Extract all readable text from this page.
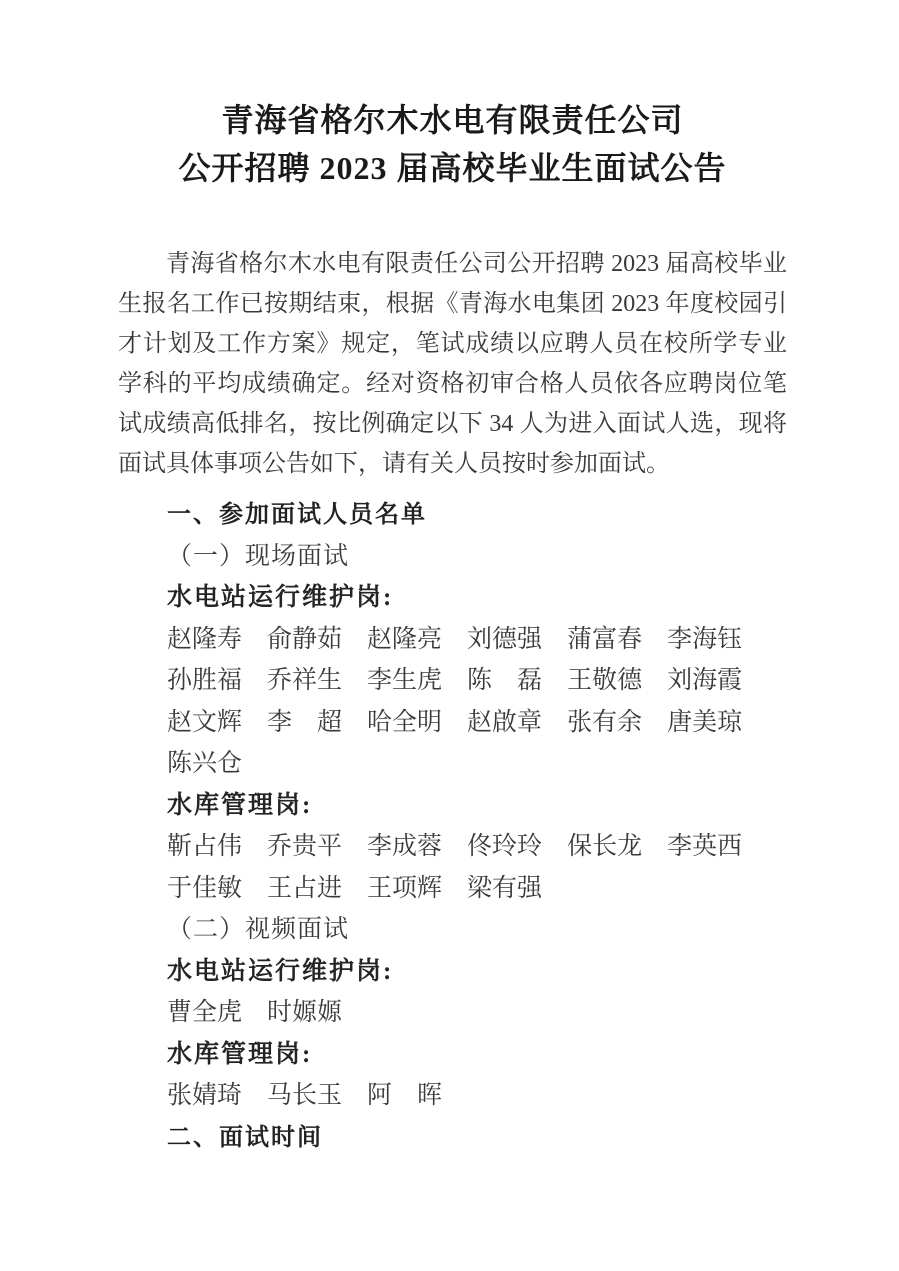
青海省格尔木水电有限责任公司
公开招聘 2023 届高校毕业生面试公告
青海省格尔木水电有限责任公司公开招聘 2023 届高校毕业
生报名工作已按期结束，根据《青海水电集团 2023 年度校园引
才计划及工作方案》规定，笔试成绩以应聘人员在校所学专业
学科的平均成绩确定。经对资格初审合格人员依各应聘岗位笔
试成绩高低排名，按比例确定以下 34 人为进入面试人选，现将
面试具体事项公告如下，请有关人员按时参加面试。
一、参加面试人员名单
（一）现场面试
水电站运行维护岗:
赵隆寿 俞静茹 赵隆亮 刘德强 蒲富春 李海钰
孙胜福 乔祥生 李生虎 陈　磊 王敬德 刘海霞
赵文辉 李　超 哈全明 赵啟章 张有余 唐美琼
陈兴仓
水库管理岗:
靳占伟 乔贵平 李成蓉 佟玲玲 保长龙 李英西
于佳敏 王占进 王项辉 梁有强
（二）视频面试
水电站运行维护岗:
曹全虎 时嫄嫄
水库管理岗:
张婧琦 马长玉 阿　晖
二、面试时间
